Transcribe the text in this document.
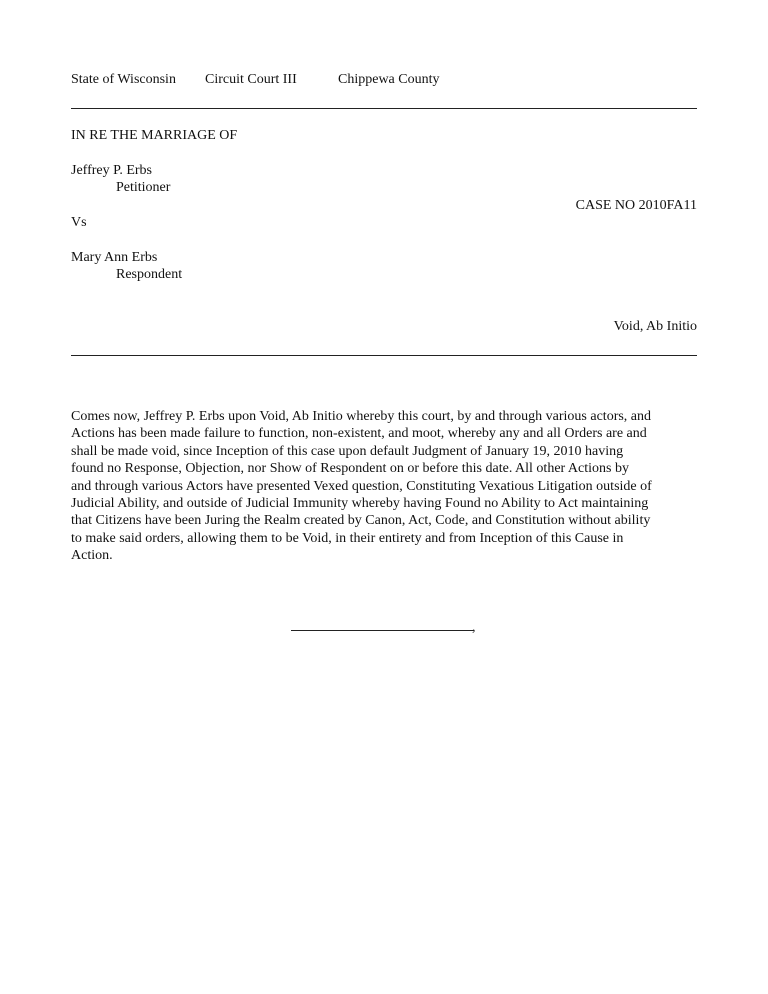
State of Wisconsin Circuit Court III	Chippewa County
IN RE THE MARRIAGE OF
Jeffrey P. Erbs
Petitioner
CASE NO 2010FA11
Vs
Mary Ann Erbs
Respondent
Void, Ab Initio
Comes now, Jeffrey P. Erbs upon Void, Ab Initio whereby this court, by and through various actors, and
Actions has been made failure to function, non-existent, and moot, whereby any and all Orders are and
shall be made void, since Inception of this case upon default Judgment of January 19, 2010 having
found no Response, Objection, nor Show of Respondent on or before this date. All other Actions by
and through various Actors have presented Vexed question, Constituting Vexatious Litigation outside of
Judicial Ability, and outside of Judicial Immunity whereby having Found no Ability to Act maintaining
that Citizens have been Juring the Realm created by Canon, Act, Code, and Constitution without ability
to make said orders, allowing them to be Void, in their entirety and from Inception of this Cause in
Action.
,
